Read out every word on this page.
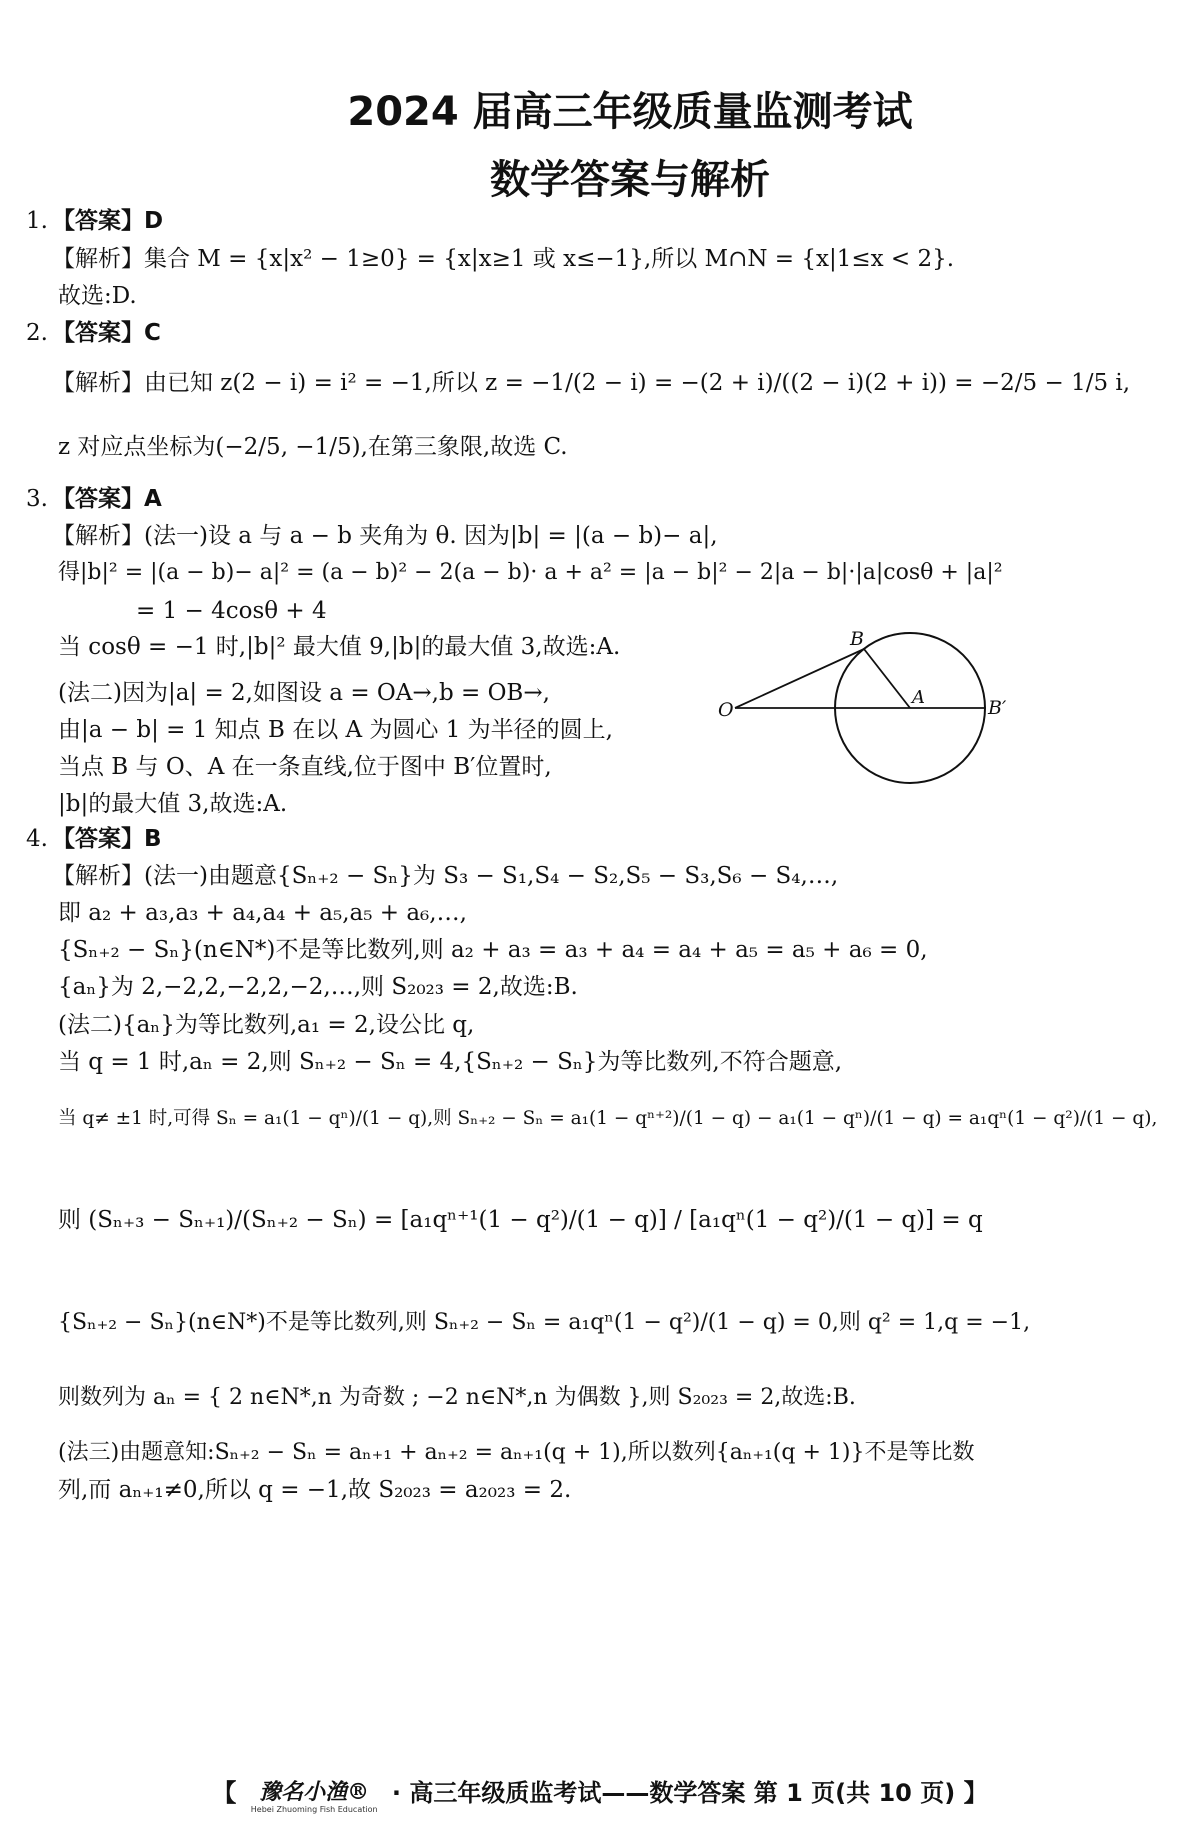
2024 届高三年级质量监测考试
数学答案与解析
1. 【答案】D
【解析】集合 M = {x|x² − 1≥0} = {x|x≥1 或 x≤−1},所以 M∩N = {x|1≤x < 2}.
故选:D.
2. 【答案】C
【解析】由已知 z(2 − i) = i² = −1,所以 z = −1/(2 − i) = −(2 + i)/((2 − i)(2 + i)) = −2/5 − 1/5 i,
z 对应点坐标为(−2/5, −1/5),在第三象限,故选 C.
3. 【答案】A
【解析】(法一)设 a 与 a − b 夹角为 θ. 因为|b| = |(a − b)− a|,
得|b|² = |(a − b)− a|² = (a − b)² − 2(a − b)· a + a² = |a − b|² − 2|a − b|·|a|cosθ + |a|²
= 1 − 4cosθ + 4
当 cosθ = −1 时,|b|² 最大值 9,|b|的最大值 3,故选:A.
(法二)因为|a| = 2,如图设 a = OA→,b = OB→,
由|a − b| = 1 知点 B 在以 A 为圆心 1 为半径的圆上,
当点 B 与 O、A 在一条直线,位于图中 B′位置时,
|b|的最大值 3,故选:A.
O
A
B
B′
4. 【答案】B
【解析】(法一)由题意{Sₙ₊₂ − Sₙ}为 S₃ − S₁,S₄ − S₂,S₅ − S₃,S₆ − S₄,…,
即 a₂ + a₃,a₃ + a₄,a₄ + a₅,a₅ + a₆,…,
{Sₙ₊₂ − Sₙ}(n∈N*)不是等比数列,则 a₂ + a₃ = a₃ + a₄ = a₄ + a₅ = a₅ + a₆ = 0,
{aₙ}为 2,−2,2,−2,2,−2,…,则 S₂₀₂₃ = 2,故选:B.
(法二){aₙ}为等比数列,a₁ = 2,设公比 q,
当 q = 1 时,aₙ = 2,则 Sₙ₊₂ − Sₙ = 4,{Sₙ₊₂ − Sₙ}为等比数列,不符合题意,
当 q≠ ±1 时,可得 Sₙ = a₁(1 − qⁿ)/(1 − q),则 Sₙ₊₂ − Sₙ = a₁(1 − qⁿ⁺²)/(1 − q) − a₁(1 − qⁿ)/(1 − q) = a₁qⁿ(1 − q²)/(1 − q),
则 (Sₙ₊₃ − Sₙ₊₁)/(Sₙ₊₂ − Sₙ) = [a₁qⁿ⁺¹(1 − q²)/(1 − q)] / [a₁qⁿ(1 − q²)/(1 − q)] = q
{Sₙ₊₂ − Sₙ}(n∈N*)不是等比数列,则 Sₙ₊₂ − Sₙ = a₁qⁿ(1 − q²)/(1 − q) = 0,则 q² = 1,q = −1,
则数列为 aₙ = { 2 n∈N*,n 为奇数 ; −2 n∈N*,n 为偶数 },则 S₂₀₂₃ = 2,故选:B.
(法三)由题意知:Sₙ₊₂ − Sₙ = aₙ₊₁ + aₙ₊₂ = aₙ₊₁(q + 1),所以数列{aₙ₊₁(q + 1)}不是等比数
列,而 aₙ₊₁≠0,所以 q = −1,故 S₂₀₂₃ = a₂₀₂₃ = 2.
【 豫名小渔®
Hebei Zhuoming Fish Education
· 高三年级质监考试——数学答案 第 1 页(共 10 页) 】
